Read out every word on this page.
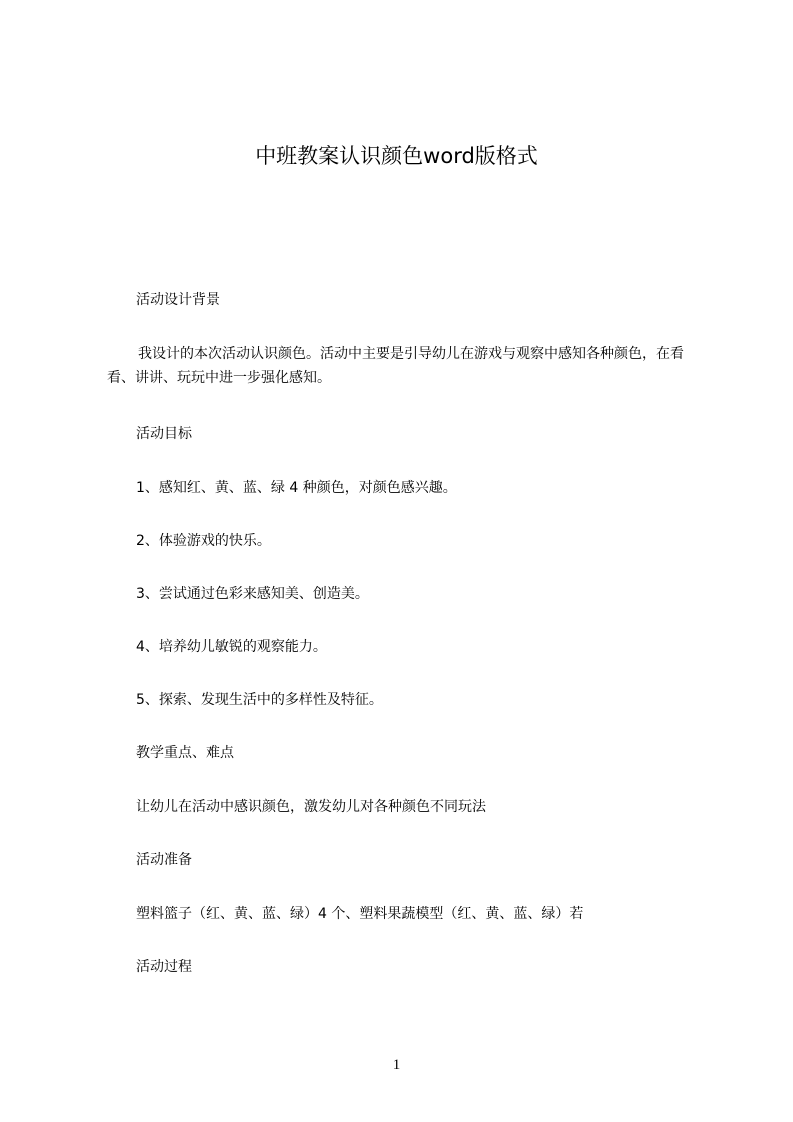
中班教案认识颜色word版格式

活动设计背景

我设计的本次活动认识颜色。活动中主要是引导幼儿在游戏与观察中感知各种颜色，在看看、讲讲、玩玩中进一步强化感知。

活动目标

1、感知红、黄、蓝、绿 4 种颜色，对颜色感兴趣。

2、体验游戏的快乐。

3、尝试通过色彩来感知美、创造美。

4、培养幼儿敏锐的观察能力。

5、探索、发现生活中的多样性及特征。

教学重点、难点

让幼儿在活动中感识颜色，激发幼儿对各种颜色不同玩法

活动准备

塑料篮子（红、黄、蓝、绿）4 个、塑料果蔬模型（红、黄、蓝、绿）若

活动过程

1
